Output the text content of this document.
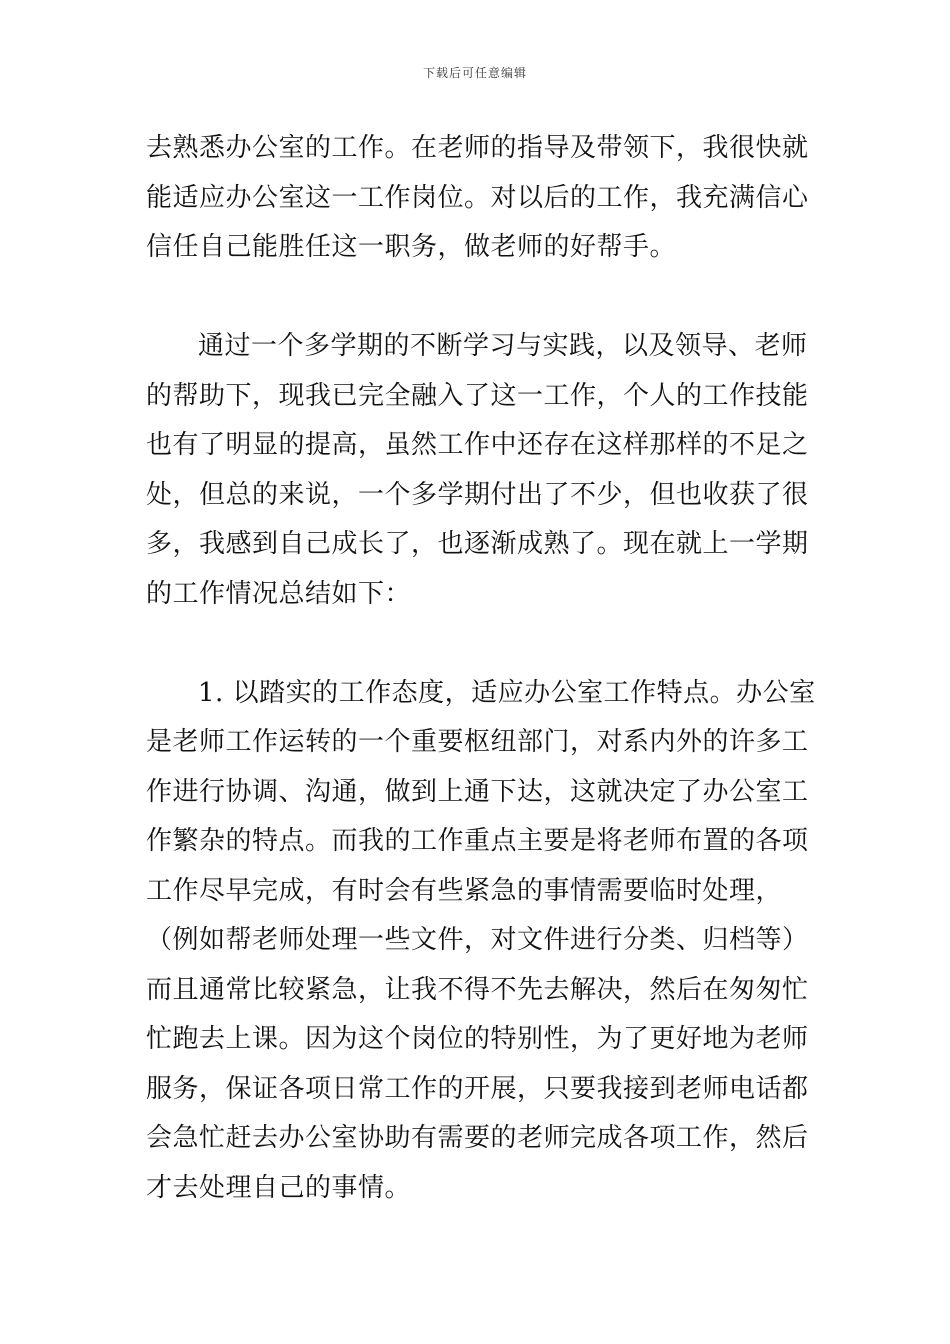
下载后可任意编辑
去熟悉办公室的工作。在老师的指导及带领下，我很快就
能适应办公室这一工作岗位。对以后的工作，我充满信心
信任自己能胜任这一职务，做老师的好帮手。
通过一个多学期的不断学习与实践，以及领导、老师
的帮助下，现我已完全融入了这一工作，个人的工作技能
也有了明显的提高，虽然工作中还存在这样那样的不足之
处，但总的来说，一个多学期付出了不少，但也收获了很
多，我感到自己成长了，也逐渐成熟了。现在就上一学期
的工作情况总结如下：
1. 以踏实的工作态度，适应办公室工作特点。办公室
是老师工作运转的一个重要枢纽部门，对系内外的许多工
作进行协调、沟通，做到上通下达，这就决定了办公室工
作繁杂的特点。而我的工作重点主要是将老师布置的各项
工作尽早完成，有时会有些紧急的事情需要临时处理，
（例如帮老师处理一些文件，对文件进行分类、归档等）
而且通常比较紧急，让我不得不先去解决，然后在匆匆忙
忙跑去上课。因为这个岗位的特别性，为了更好地为老师
服务，保证各项日常工作的开展，只要我接到老师电话都
会急忙赶去办公室协助有需要的老师完成各项工作，然后
才去处理自己的事情。
